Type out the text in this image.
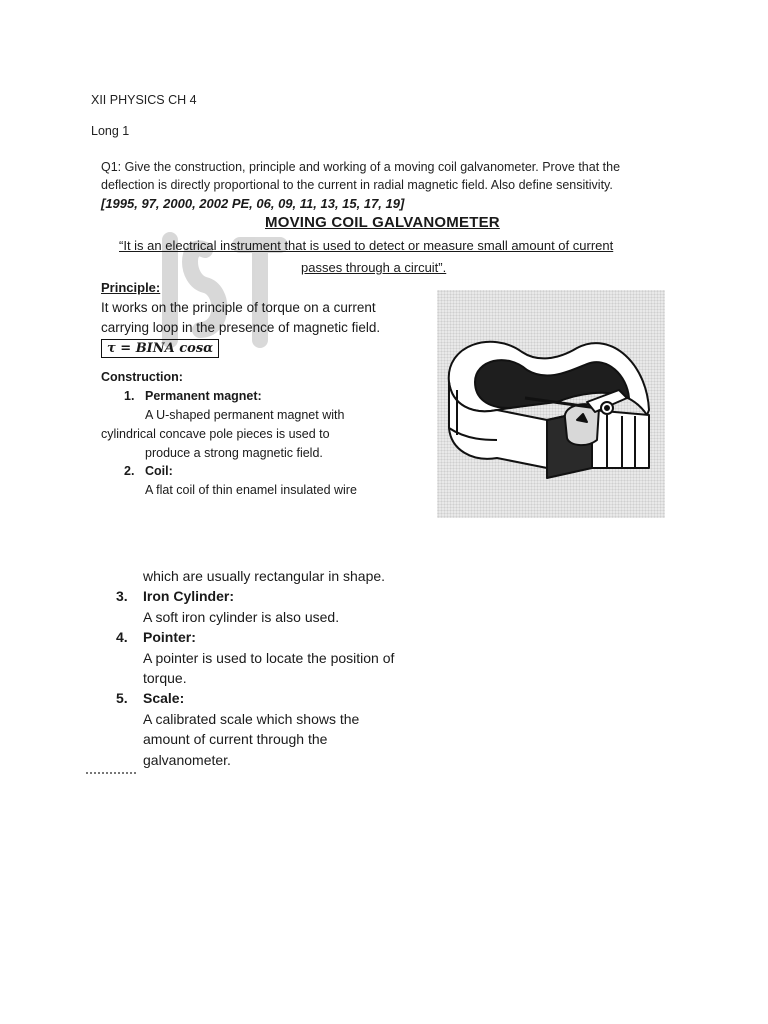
XII PHYSICS CH 4
Long 1
Q1: Give the construction, principle and working of a moving coil galvanometer. Prove that the
deflection is directly proportional to the current in radial magnetic field. Also define sensitivity.
[1995, 97, 2000, 2002 PE, 06, 09, 11, 13, 15, 17, 19]
MOVING COIL GALVANOMETER
“It is an electrical instrument that is used to detect or measure small amount of current
passes through a circuit”.
Principle:
It works on the principle of torque on a current
carrying loop in the presence of magnetic field.
τ = BINA cosα
Construction:
1. Permanent magnet:
A U-shaped permanent magnet with
cylindrical concave pole pieces is used to
produce a strong magnetic field.
2. Coil:
A flat coil of thin enamel insulated wire
which are usually rectangular in shape.
3. Iron Cylinder:
A soft iron cylinder is also used.
4. Pointer:
A pointer is used to locate the position of
torque.
5. Scale:
A calibrated scale which shows the
amount of current through the
galvanometer.
